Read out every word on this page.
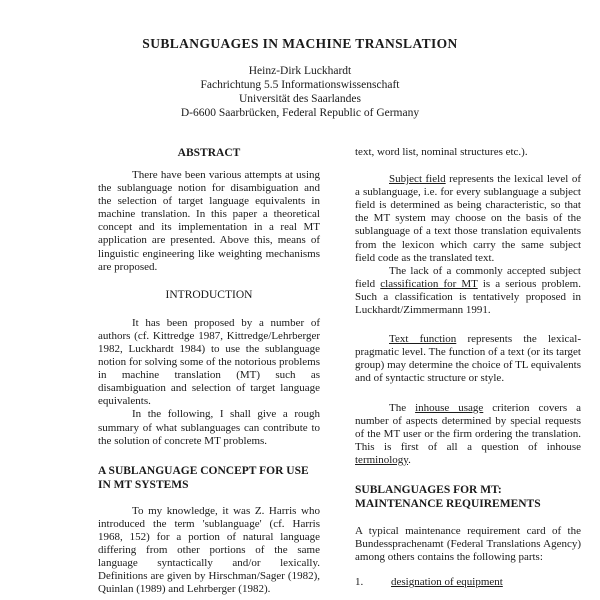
SUBLANGUAGES IN MACHINE TRANSLATION
Heinz-Dirk Luckhardt
Fachrichtung 5.5 Informationswissenschaft
Universität des Saarlandes
D-6600 Saarbrücken, Federal Republic of Germany
ABSTRACT

There have been various attempts at using the sublanguage notion for disambiguation and the selection of target language equivalents in machine translation. In this paper a theoretical concept and its implementation in a real MT application are presented. Above this, means of linguistic engineering like weighting mechanisms are proposed.

INTRODUCTION

It has been proposed by a number of authors (cf. Kittredge 1987, Kittredge/Lehrberger 1982, Luckhardt 1984) to use the sublanguage notion for solving some of the notorious problems in machine translation (MT) such as disambiguation and selection of target language equivalents.

In the following, I shall give a rough summary of what sublanguages can contribute to the solution of concrete MT problems.

A SUBLANGUAGE CONCEPT FOR USE IN MT SYSTEMS

To my knowledge, it was Z. Harris who introduced the term 'sublanguage' (cf. Harris 1968, 152) for a portion of natural language differing from other portions of the same language syntactically and/or lexically. Definitions are given by Hirschman/Sager (1982), Quinlan (1989) and Lehrberger (1982).

text, word list, nominal structures etc.).

Subject field represents the lexical level of a sublanguage, i.e. for every sublanguage a subject field is determined as being characteristic, so that the MT system may choose on the basis of the sublanguage of a text those translation equivalents from the lexicon which carry the same subject field code as the translated text.

The lack of a commonly accepted subject field classification for MT is a serious problem. Such a classification is tentatively proposed in Luckhardt/Zimmermann 1991.

Text function represents the lexical-pragmatic level. The function of a text (or its target group) may determine the choice of TL equivalents and of syntactic structure or style.

The inhouse usage criterion covers a number of aspects determined by special requests of the MT user or the firm ordering the translation. This is first of all a question of inhouse terminology.

SUBLANGUAGES FOR MT: MAINTENANCE REQUIREMENTS

A typical maintenance requirement card of the Bundessprachenamt (Federal Translations Agency) among others contains the following parts:

1.	designation of equipment
